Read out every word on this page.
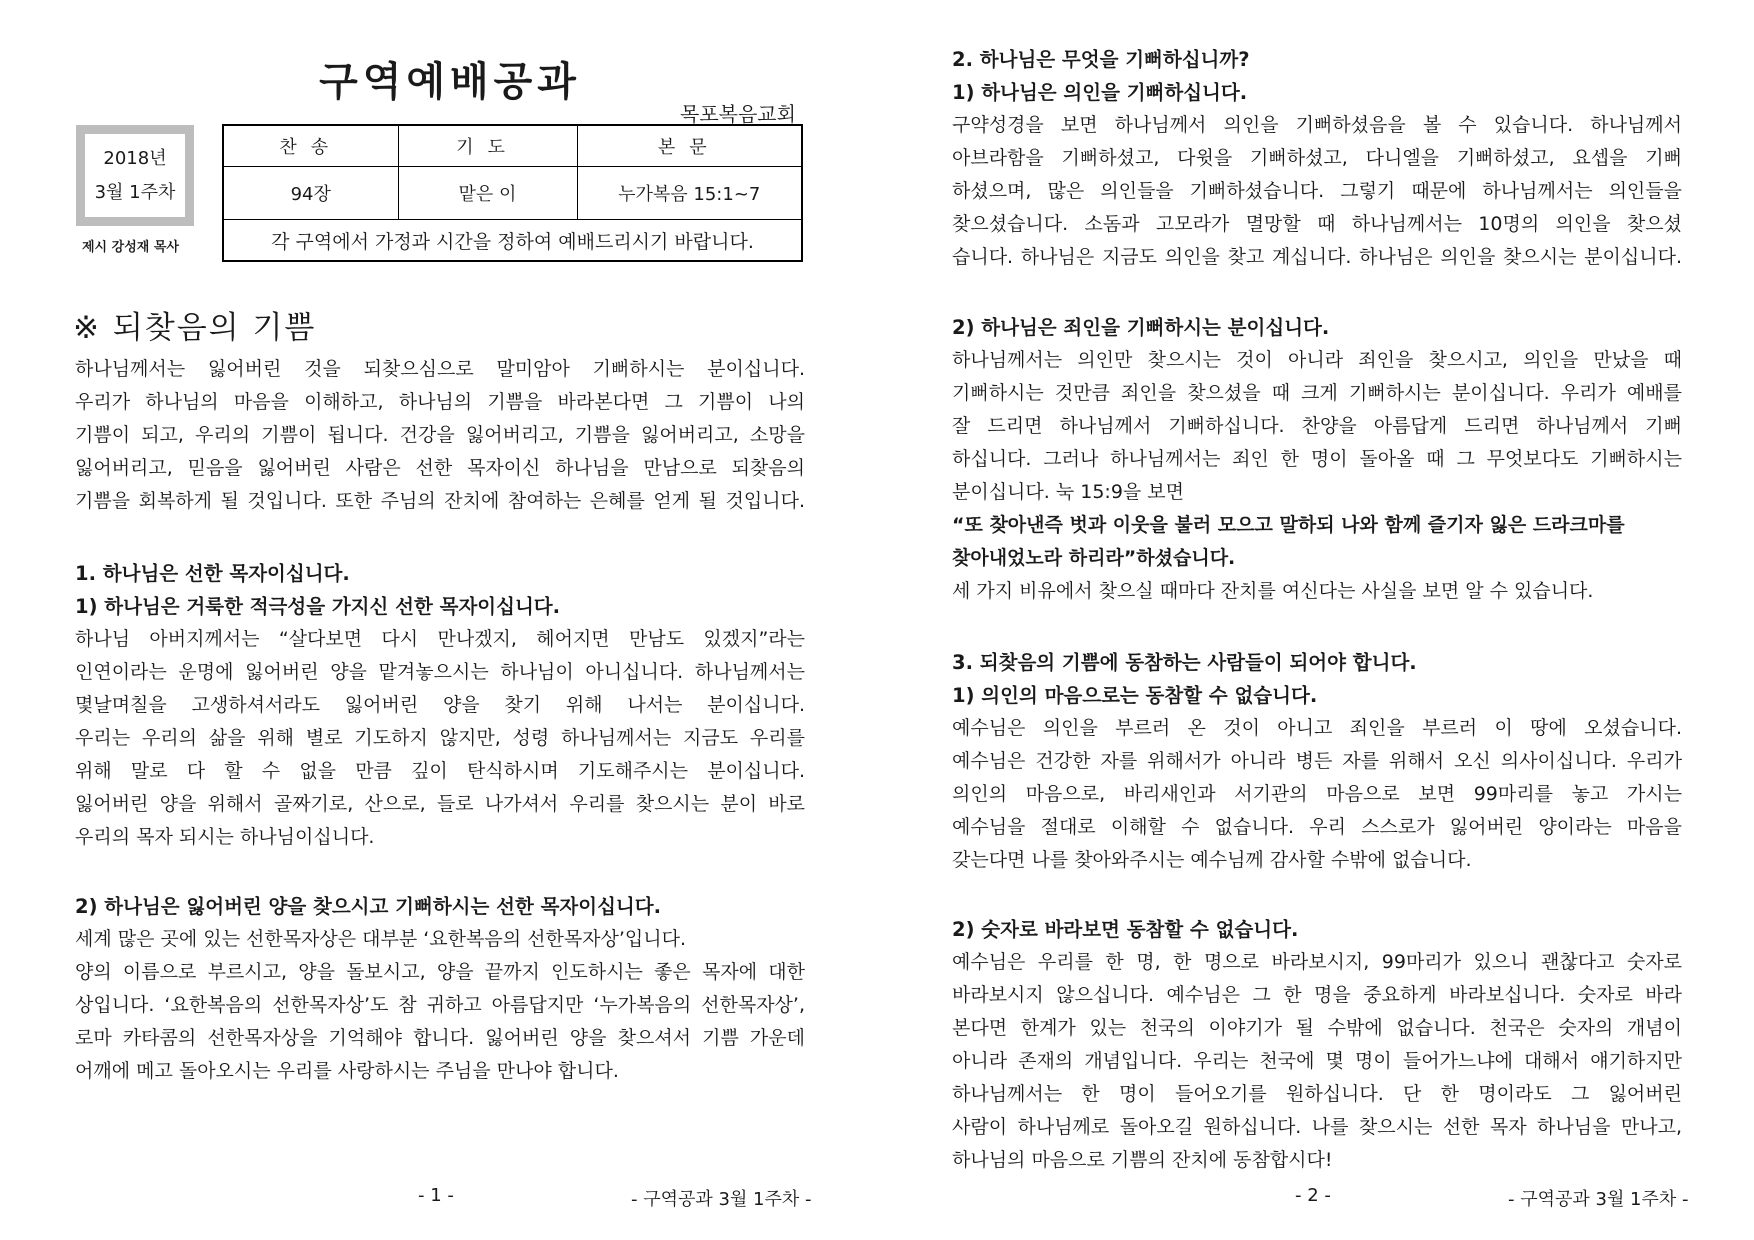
구역예배공과
목포복음교회
2018년
3월 1주차
제시 강성재 목사
찬송	기도	본문
94장	맡은 이	누가복음 15:1~7
각 구역에서 가정과 시간을 정하여 예배드리시기 바랍니다.		
※ 되찾음의 기쁨
하나님께서는 잃어버린 것을 되찾으심으로 말미암아 기뻐하시는 분이십니다.
우리가 하나님의 마음을 이해하고, 하나님의 기쁨을 바라본다면 그 기쁨이 나의
기쁨이 되고, 우리의 기쁨이 됩니다. 건강을 잃어버리고, 기쁨을 잃어버리고, 소망을
잃어버리고, 믿음을 잃어버린 사람은 선한 목자이신 하나님을 만남으로 되찾음의
기쁨을 회복하게 될 것입니다. 또한 주님의 잔치에 참여하는 은혜를 얻게 될 것입니다.
1. 하나님은 선한 목자이십니다.
1) 하나님은 거룩한 적극성을 가지신 선한 목자이십니다.
하나님 아버지께서는 “살다보면 다시 만나겠지, 헤어지면 만남도 있겠지”라는
인연이라는 운명에 잃어버린 양을 맡겨놓으시는 하나님이 아니십니다. 하나님께서는
몇날며칠을 고생하셔서라도 잃어버린 양을 찾기 위해 나서는 분이십니다.
우리는 우리의 삶을 위해 별로 기도하지 않지만, 성령 하나님께서는 지금도 우리를
위해 말로 다 할 수 없을 만큼 깊이 탄식하시며 기도해주시는 분이십니다.
잃어버린 양을 위해서 골짜기로, 산으로, 들로 나가셔서 우리를 찾으시는 분이 바로
우리의 목자 되시는 하나님이십니다.
2) 하나님은 잃어버린 양을 찾으시고 기뻐하시는 선한 목자이십니다.
세계 많은 곳에 있는 선한목자상은 대부분 ‘요한복음의 선한목자상’입니다.
양의 이름으로 부르시고, 양을 돌보시고, 양을 끝까지 인도하시는 좋은 목자에 대한
상입니다. ‘요한복음의 선한목자상’도 참 귀하고 아름답지만 ‘누가복음의 선한목자상’,
로마 카타콤의 선한목자상을 기억해야 합니다. 잃어버린 양을 찾으셔서 기쁨 가운데
어깨에 메고 돌아오시는 우리를 사랑하시는 주님을 만나야 합니다.
- 1 -	- 구역공과 3월 1주차 -
2. 하나님은 무엇을 기뻐하십니까?
1) 하나님은 의인을 기뻐하십니다.
구약성경을 보면 하나님께서 의인을 기뻐하셨음을 볼 수 있습니다. 하나님께서
아브라함을 기뻐하셨고, 다윗을 기뻐하셨고, 다니엘을 기뻐하셨고, 요셉을 기뻐
하셨으며, 많은 의인들을 기뻐하셨습니다. 그렇기 때문에 하나님께서는 의인들을
찾으셨습니다. 소돔과 고모라가 멸망할 때 하나님께서는 10명의 의인을 찾으셨
습니다. 하나님은 지금도 의인을 찾고 계십니다. 하나님은 의인을 찾으시는 분이십니다.
2) 하나님은 죄인을 기뻐하시는 분이십니다.
하나님께서는 의인만 찾으시는 것이 아니라 죄인을 찾으시고, 의인을 만났을 때
기뻐하시는 것만큼 죄인을 찾으셨을 때 크게 기뻐하시는 분이십니다. 우리가 예배를
잘 드리면 하나님께서 기뻐하십니다. 찬양을 아름답게 드리면 하나님께서 기뻐
하십니다. 그러나 하나님께서는 죄인 한 명이 돌아올 때 그 무엇보다도 기뻐하시는
분이십니다. 눅 15:9을 보면
“또 찾아낸즉 벗과 이웃을 불러 모으고 말하되 나와 함께 즐기자 잃은 드라크마를
찾아내었노라 하리라”하셨습니다.
세 가지 비유에서 찾으실 때마다 잔치를 여신다는 사실을 보면 알 수 있습니다.
3. 되찾음의 기쁨에 동참하는 사람들이 되어야 합니다.
1) 의인의 마음으로는 동참할 수 없습니다.
예수님은 의인을 부르러 온 것이 아니고 죄인을 부르러 이 땅에 오셨습니다.
예수님은 건강한 자를 위해서가 아니라 병든 자를 위해서 오신 의사이십니다. 우리가
의인의 마음으로, 바리새인과 서기관의 마음으로 보면 99마리를 놓고 가시는
예수님을 절대로 이해할 수 없습니다. 우리 스스로가 잃어버린 양이라는 마음을
갖는다면 나를 찾아와주시는 예수님께 감사할 수밖에 없습니다.
2) 숫자로 바라보면 동참할 수 없습니다.
예수님은 우리를 한 명, 한 명으로 바라보시지, 99마리가 있으니 괜찮다고 숫자로
바라보시지 않으십니다. 예수님은 그 한 명을 중요하게 바라보십니다. 숫자로 바라
본다면 한계가 있는 천국의 이야기가 될 수밖에 없습니다. 천국은 숫자의 개념이
아니라 존재의 개념입니다. 우리는 천국에 몇 명이 들어가느냐에 대해서 얘기하지만
하나님께서는 한 명이 들어오기를 원하십니다. 단 한 명이라도 그 잃어버린
사람이 하나님께로 돌아오길 원하십니다. 나를 찾으시는 선한 목자 하나님을 만나고,
하나님의 마음으로 기쁨의 잔치에 동참합시다!
- 2 -	- 구역공과 3월 1주차 -
